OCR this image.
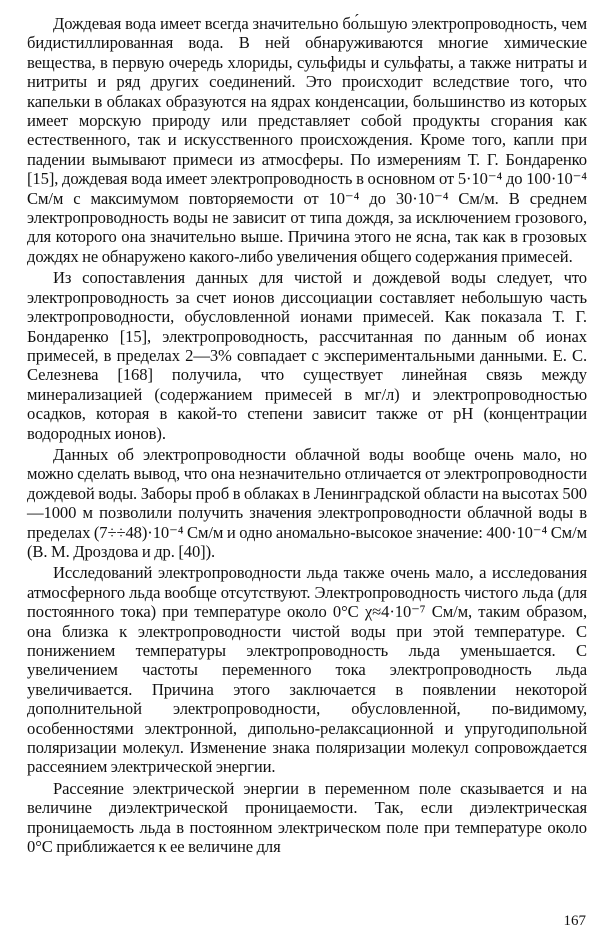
Дождевая вода имеет всегда значительно бо́льшую электропроводность, чем бидистиллированная вода. В ней обнаруживаются многие химические вещества, в первую очередь хлориды, сульфиды и сульфаты, а также нитраты и нитриты и ряд других соединений. Это происходит вследствие того, что капельки в облаках образуются на ядрах конденсации, большинство из которых имеет морскую природу или представляет собой продукты сгорания как естественного, так и искусственного происхождения. Кроме того, капли при падении вымывают примеси из атмосферы. По измерениям Т. Г. Бондаренко [15], дождевая вода имеет электропроводность в основном от 5·10⁻⁴ до 100·10⁻⁴ См/м с максимумом повторяемости от 10⁻⁴ до 30·10⁻⁴ См/м. В среднем электропроводность воды не зависит от типа дождя, за исключением грозового, для которого она значительно выше. Причина этого не ясна, так как в грозовых дождях не обнаружено какого-либо увеличения общего содержания примесей.

Из сопоставления данных для чистой и дождевой воды следует, что электропроводность за счет ионов диссоциации составляет небольшую часть электропроводности, обусловленной ионами примесей. Как показала Т. Г. Бондаренко [15], электропроводность, рассчитанная по данным об ионах примесей, в пределах 2—3% совпадает с экспериментальными данными. Е. С. Селезнева [168] получила, что существует линейная связь между минерализацией (содержанием примесей в мг/л) и электропроводностью осадков, которая в какой-то степени зависит также от pH (концентрации водородных ионов).

Данных об электропроводности облачной воды вообще очень мало, но можно сделать вывод, что она незначительно отличается от электропроводности дождевой воды. Заборы проб в облаках в Ленинградской области на высотах 500—1000 м позволили получить значения электропроводности облачной воды в пределах (7÷÷48)·10⁻⁴ См/м и одно аномально-высокое значение: 400·10⁻⁴ См/м (В. М. Дроздова и др. [40]).

Исследований электропроводности льда также очень мало, а исследования атмосферного льда вообще отсутствуют. Электропроводность чистого льда (для постоянного тока) при температуре около 0°C χ≈4·10⁻⁷ См/м, таким образом, она близка к электропроводности чистой воды при этой температуре. С понижением температуры электропроводность льда уменьшается. С увеличением частоты переменного тока электропроводность льда увеличивается. Причина этого заключается в появлении некоторой дополнительной электропроводности, обусловленной, по-видимому, особенностями электронной, дипольно-релаксационной и упругодипольной поляризации молекул. Изменение знака поляризации молекул сопровождается рассеянием электрической энергии.

Рассеяние электрической энергии в переменном поле сказывается и на величине диэлектрической проницаемости. Так, если диэлектрическая проницаемость льда в постоянном электрическом поле при температуре около 0°C приближается к ее величине для

167
